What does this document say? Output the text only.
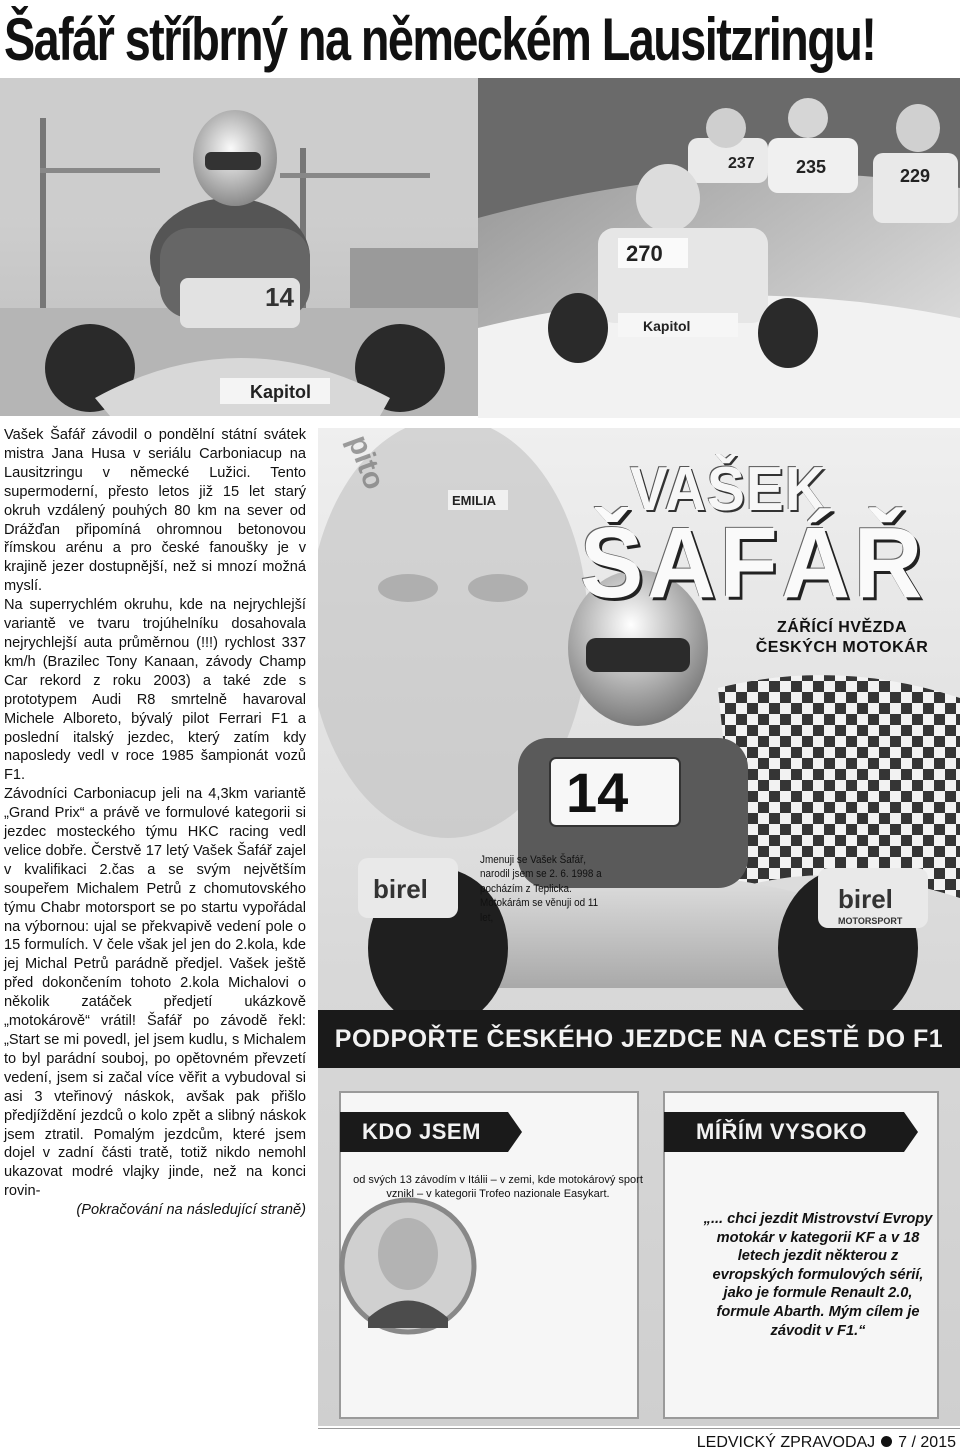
Šafář stříbrný na německém Lausitzringu!
14
Kapitol
237 235	229
270
Kapitol

Vašek Šafář závodil o pondělní státní svátek mistra Jana Husa v seriálu Carboniacup na Lausitzringu v německé Lužici. Tento supermoderní, přesto letos již 15 let starý okruh vzdálený pouhých 80 km na sever od Drážďan připomíná ohromnou betonovou římskou arénu a pro české fanoušky je v krajině jezer dostupnější, než si mnozí možná myslí.

Na superrychlém okruhu, kde na nejrychlejší variantě ve tvaru trojúhelníku dosahovala nejrychlejší auta průměrnou (!!!) rychlost 337 km/h (Brazilec Tony Kanaan, závody Champ Car rekord z roku 2003) a také zde s prototypem Audi R8 smrtelně havaroval Michele Alboreto, bývalý pilot Ferrari F1 a poslední italský jezdec, který zatím kdy naposledy vedl v roce 1985 šampionát vozů F1.

Závodníci Carboniacup jeli na 4,3km variantě „Grand Prix“ a právě ve formulové kategorii si jezdec mosteckého týmu HKC racing vedl velice dobře. Čerstvě 17 letý Vašek Šafář zajel v kvalifikaci 2.čas a se svým největším soupeřem Michalem Petrů z chomutovského týmu Chabr motorsport se po startu vypořádal na výbornou: ujal se překvapivě vedení pole o 15 formulích. V čele však jel jen do 2.kola, kde jej Michal Petrů parádně předjel. Vašek ještě před dokončením tohoto 2.kola Michalovi o několik zatáček předjetí ukázkově „motokárově“ vrátil! Šafář po závodě řekl: „Start se mi povedl, jel jsem kudlu, s Michalem to byl parádní souboj, po opětovném převzetí vedení, jsem si začal více věřit a vybudoval si asi 3 vteřinový náskok, avšak pak přišlo předjíždění jezdců o kolo zpět a slibný náskok jsem ztratil. Pomalým jezdcům, které jsem dojel v zadní části tratě, totiž nikdo nemohl ukazovat modré vlajky jinde, než na konci rovin-

(Pokračování na následující straně)

pito
14
birel	birel
MOTORSPORT
EMILIA VAŠEK
ŠAFÁŘ
ZÁŘÍCÍ HVĚZDA ČESKÝCH MOTOKÁR
PODPOŘTE ČESKÉHO JEZDCE NA CESTĚ DO F1
KDO JSEM	MÍŘÍM VYSOKO
Jmenuji se Vašek Šafář, narodil jsem se 2. 6. 1998 a pocházím z Teplicka. Motokárám se věnuji od 11 let,
od svých 13 závodím v Itálii – v zemi, kde motokárový sport vznikl – v kategorii Trofeo nazionale Easykart.
„... chci jezdit Mistrovství Evropy motokár v kategorii KF a v 18 letech jezdit některou z evropských formulových sérií, jako je formule Renault 2.0, formule Abarth. Mým cílem je závodit v F1.“
LEDVICKÝ ZPRAVODAJ 7 / 2015
